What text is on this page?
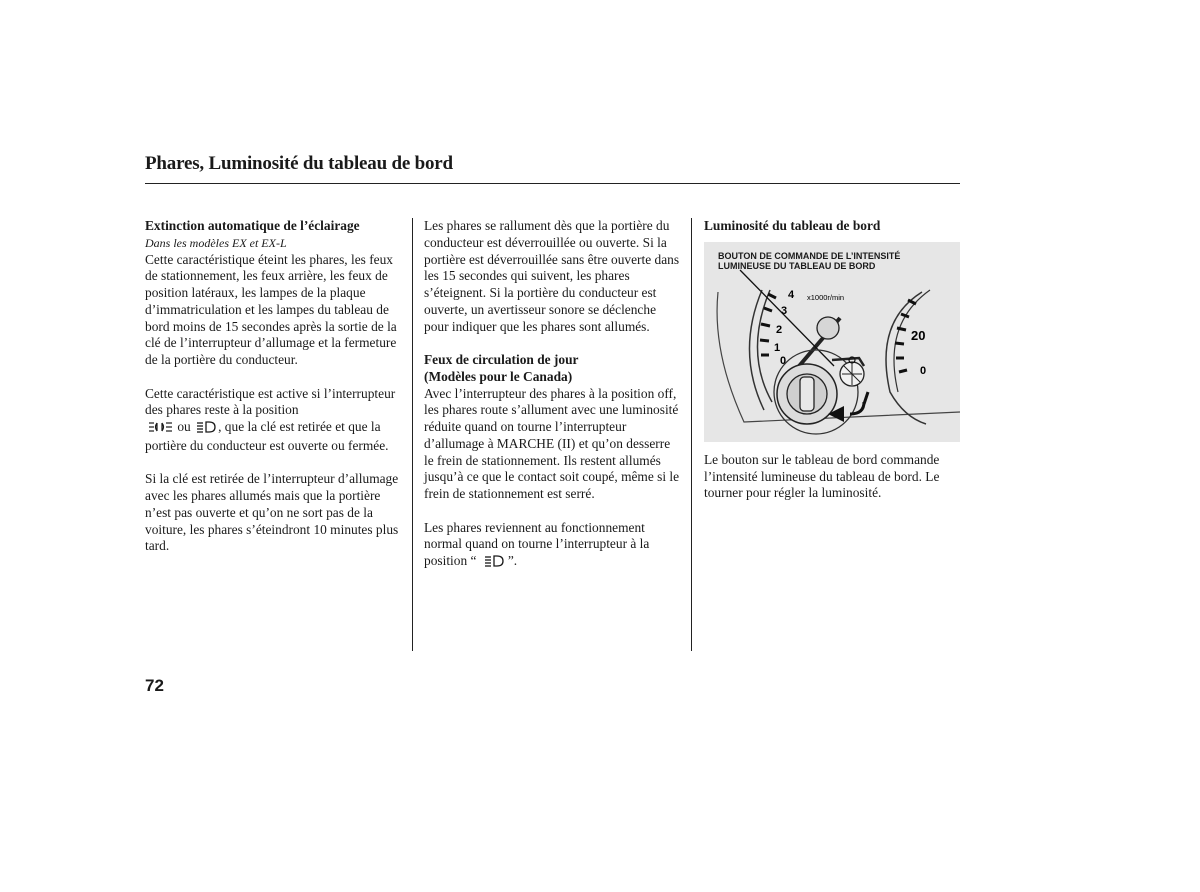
Phares, Luminosité du tableau de bord

Extinction automatique de l’éclairage

Dans les modèles EX et EX-L

Cette caractéristique éteint les phares, les feux de stationnement, les feux arrière, les feux de position latéraux, les lampes de la plaque d’immatriculation et les lampes du tableau de bord moins de 15 secondes après la sortie de la clé de l’interrupteur d’allumage et la fermeture de la portière du conducteur.

Cette caractéristique est active si l’interrupteur des phares reste à la position
ou , que la clé est retirée et que la portière du conducteur est ouverte ou fermée.

Si la clé est retirée de l’interrupteur d’allumage avec les phares allumés mais que la portière n’est pas ouverte et qu’on ne sort pas de la voiture, les phares s’éteindront 10 minutes plus tard.

Les phares se rallument dès que la portière du conducteur est déverrouillée ou ouverte. Si la portière est déverrouillée sans être ouverte dans les 15 secondes qui suivent, les phares s’éteignent. Si la portière du conducteur est ouverte, un avertisseur sonore se déclenche pour indiquer que les phares sont allumés.

Feux de circulation de jour

(Modèles pour le Canada)

Avec l’interrupteur des phares à la position off, les phares route s’allument avec une luminosité réduite quand on tourne l’interrupteur d’allumage à MARCHE (II) et qu’on desserre le frein de stationnement. Ils restent allumés jusqu’à ce que le contact soit coupé, même si le frein de stationnement est serré.

Les phares reviennent au fonctionnement normal quand on tourne l’interrupteur à la position “ ”.

Luminosité du tableau de bord

4
3
2
1
0
x1000r/min
20
0
BOUTON DE COMMANDE DE L’INTENSITÉ LUMINEUSE DU TABLEAU DE BORD

Le bouton sur le tableau de bord commande l’intensité lumineuse du tableau de bord. Le tourner pour régler la luminosité.

72
